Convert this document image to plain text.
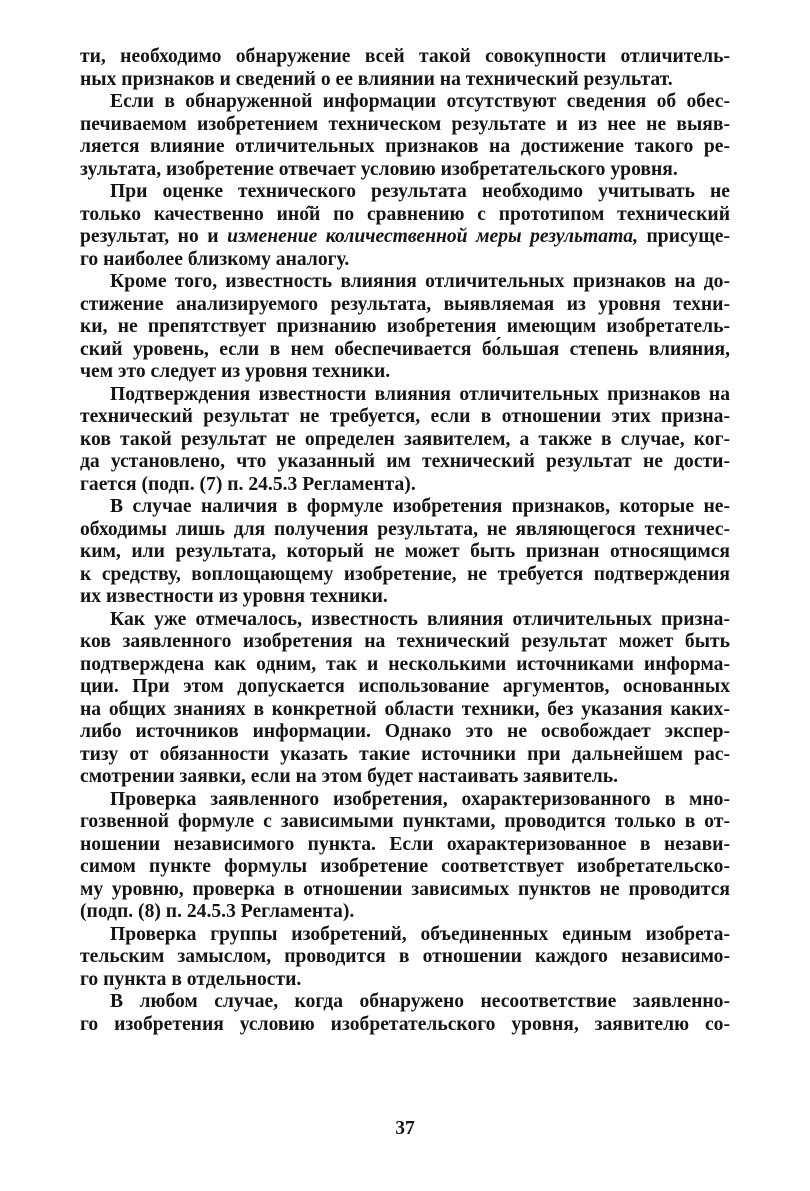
ти, необходимо обнаружение всей такой совокупности отличитель-
ных признаков и сведений о ее влиянии на технический результат.
Если в обнаруженной информации отсутствуют сведения об обес-
печиваемом изобретением техническом результате и из нее не выяв-
ляется влияние отличительных признаков на достижение такого ре-
зультата, изобретение отвечает условию изобретательского уровня.
При оценке технического результата необходимо учитывать не
только качественно ино̂й по сравнению с прототипом технический
результат, но и изменение количественной меры результата, присуще-
го наиболее близкому аналогу.
Кроме того, известность влияния отличительных признаков на до-
стижение анализируемого результата, выявляемая из уровня техни-
ки, не препятствует признанию изобретения имеющим изобретатель-
ский уровень, если в нем обеспечивается бо́льшая степень влияния,
чем это следует из уровня техники.
Подтверждения известности влияния отличительных признаков на
технический результат не требуется, если в отношении этих призна-
ков такой результат не определен заявителем, а также в случае, ког-
да установлено, что указанный им технический результат не дости-
гается (подп. (7) п. 24.5.3 Регламента).
В случае наличия в формуле изобретения признаков, которые не-
обходимы лишь для получения результата, не являющегося техничес-
ким, или результата, который не может быть признан относящимся
к средству, воплощающему изобретение, не требуется подтверждения
их известности из уровня техники.
Как уже отмечалось, известность влияния отличительных призна-
ков заявленного изобретения на технический результат может быть
подтверждена как одним, так и несколькими источниками информа-
ции. При этом допускается использование аргументов, основанных
на общих знаниях в конкретной области техники, без указания каких-
либо источников информации. Однако это не освобождает экспер-
тизу от обязанности указать такие источники при дальнейшем рас-
смотрении заявки, если на этом будет настаивать заявитель.
Проверка заявленного изобретения, охарактеризованного в мно-
гозвенной формуле с зависимыми пунктами, проводится только в от-
ношении независимого пункта. Если охарактеризованное в незави-
симом пункте формулы изобретение соответствует изобретательско-
му уровню, проверка в отношении зависимых пунктов не проводится
(подп. (8) п. 24.5.3 Регламента).
Проверка группы изобретений, объединенных единым изобрета-
тельским замыслом, проводится в отношении каждого независимо-
го пункта в отдельности.
В любом случае, когда обнаружено несоответствие заявленно-
го изобретения условию изобретательского уровня, заявителю со-
37
